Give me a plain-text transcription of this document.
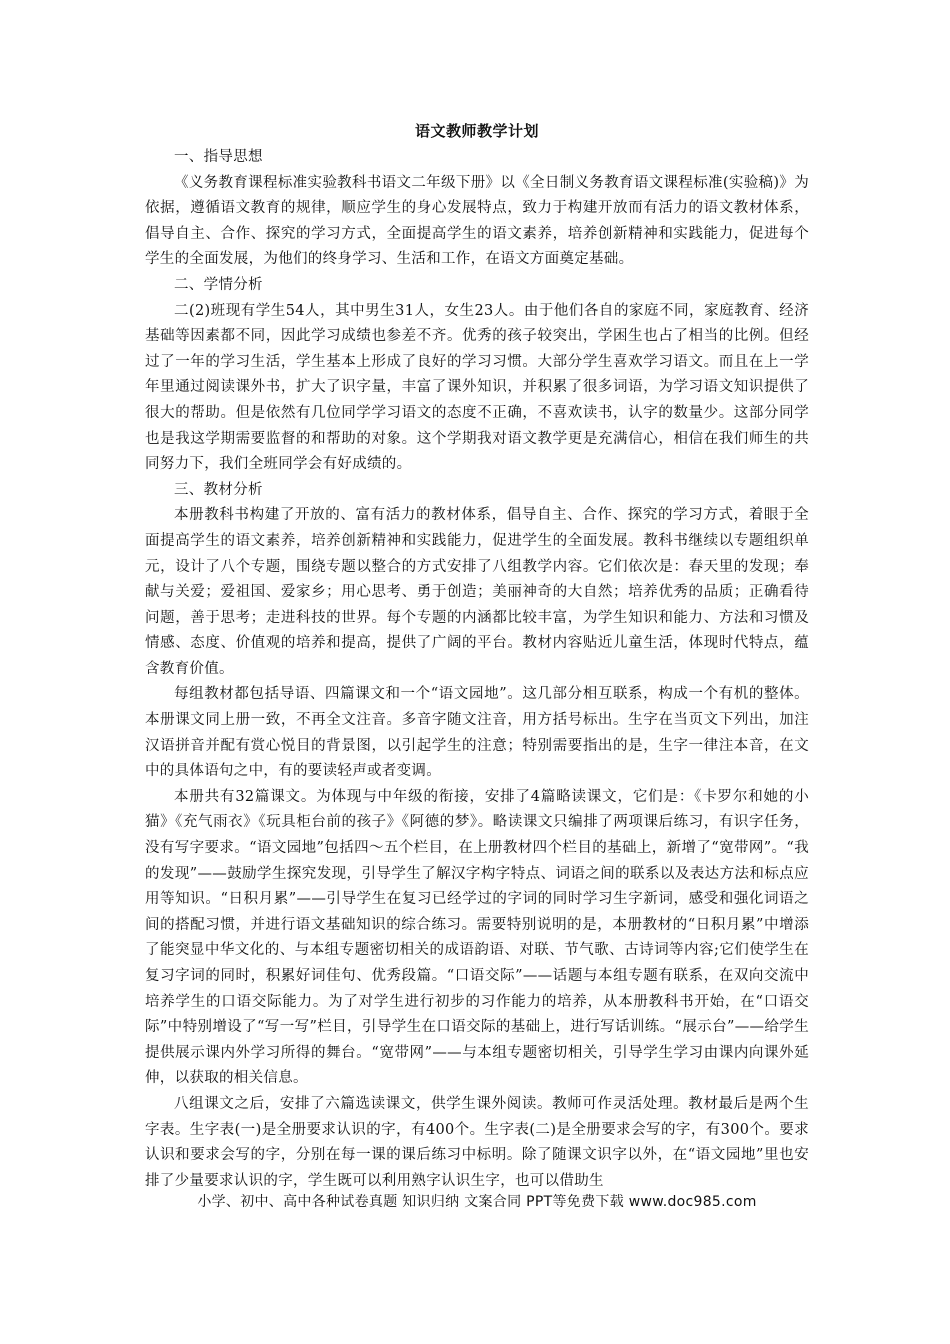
语文教师教学计划

一、指导思想

《义务教育课程标准实验教科书语文二年级下册》以《全日制义务教育语文课程标准(实验稿)》为依据，遵循语文教育的规律，顺应学生的身心发展特点，致力于构建开放而有活力的语文教材体系，倡导自主、合作、探究的学习方式，全面提高学生的语文素养，培养创新精神和实践能力，促进每个学生的全面发展，为他们的终身学习、生活和工作，在语文方面奠定基础。

二、学情分析

二(2)班现有学生54人，其中男生31人，女生23人。由于他们各自的家庭不同，家庭教育、经济基础等因素都不同，因此学习成绩也参差不齐。优秀的孩子较突出，学困生也占了相当的比例。但经过了一年的学习生活，学生基本上形成了良好的学习习惯。大部分学生喜欢学习语文。而且在上一学年里通过阅读课外书，扩大了识字量，丰富了课外知识，并积累了很多词语，为学习语文知识提供了很大的帮助。但是依然有几位同学学习语文的态度不正确，不喜欢读书，认字的数量少。这部分同学也是我这学期需要监督的和帮助的对象。这个学期我对语文教学更是充满信心，相信在我们师生的共同努力下，我们全班同学会有好成绩的。

三、教材分析

本册教科书构建了开放的、富有活力的教材体系，倡导自主、合作、探究的学习方式，着眼于全面提高学生的语文素养，培养创新精神和实践能力，促进学生的全面发展。教科书继续以专题组织单元，设计了八个专题，围绕专题以整合的方式安排了八组教学内容。它们依次是：春天里的发现；奉献与关爱；爱祖国、爱家乡；用心思考、勇于创造；美丽神奇的大自然；培养优秀的品质；正确看待问题，善于思考；走进科技的世界。每个专题的内涵都比较丰富，为学生知识和能力、方法和习惯及情感、态度、价值观的培养和提高，提供了广阔的平台。教材内容贴近儿童生活，体现时代特点，蕴含教育价值。

每组教材都包括导语、四篇课文和一个“语文园地”。这几部分相互联系，构成一个有机的整体。本册课文同上册一致，不再全文注音。多音字随文注音，用方括号标出。生字在当页文下列出，加注汉语拼音并配有赏心悦目的背景图，以引起学生的注意；特别需要指出的是，生字一律注本音，在文中的具体语句之中，有的要读轻声或者变调。

本册共有32篇课文。为体现与中年级的衔接，安排了4篇略读课文，它们是：《卡罗尔和她的小猫》《充气雨衣》《玩具柜台前的孩子》《阿德的梦》。略读课文只编排了两项课后练习，有识字任务，没有写字要求。“语文园地”包括四～五个栏目，在上册教材四个栏目的基础上，新增了“宽带网”。“我的发现”——鼓励学生探究发现，引导学生了解汉字构字特点、词语之间的联系以及表达方法和标点应用等知识。“日积月累”——引导学生在复习已经学过的字词的同时学习生字新词，感受和强化词语之间的搭配习惯，并进行语文基础知识的综合练习。需要特别说明的是，本册教材的“日积月累”中增添了能突显中华文化的、与本组专题密切相关的成语韵语、对联、节气歌、古诗词等内容;它们使学生在复习字词的同时，积累好词佳句、优秀段篇。“口语交际”——话题与本组专题有联系，在双向交流中培养学生的口语交际能力。为了对学生进行初步的习作能力的培养，从本册教科书开始，在“口语交际”中特别增设了“写一写”栏目，引导学生在口语交际的基础上，进行写话训练。“展示台”——给学生提供展示课内外学习所得的舞台。“宽带网”——与本组专题密切相关，引导学生学习由课内向课外延伸，以获取的相关信息。

八组课文之后，安排了六篇选读课文，供学生课外阅读。教师可作灵活处理。教材最后是两个生字表。生字表(一)是全册要求认识的字，有400个。生字表(二)是全册要求会写的字，有300个。要求认识和要求会写的字，分别在每一课的课后练习中标明。除了随课文识字以外，在“语文园地”里也安排了少量要求认识的字，学生既可以利用熟字认识生字，也可以借助生

小学、初中、高中各种试卷真题 知识归纳 文案合同 PPT等免费下载 www.doc985.com
